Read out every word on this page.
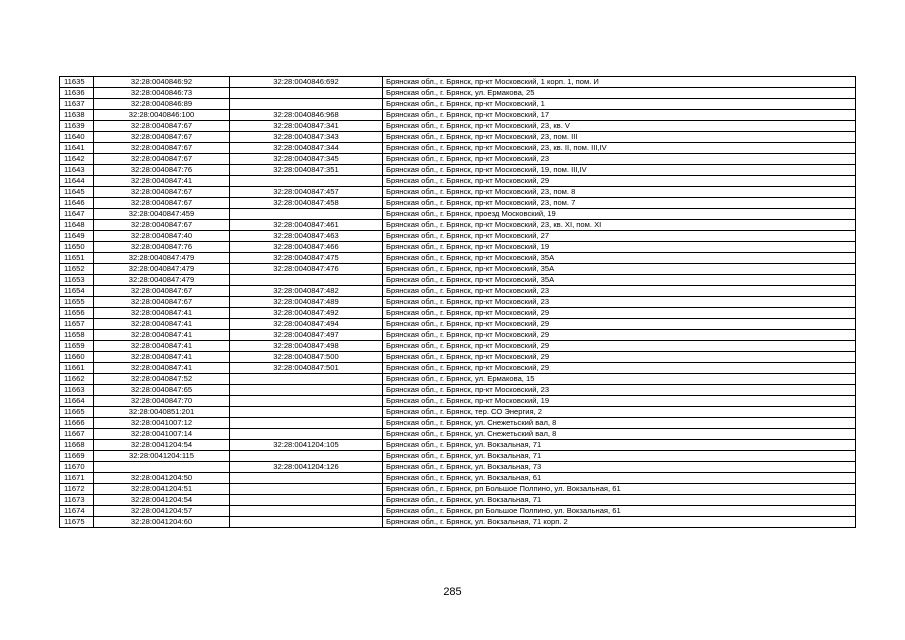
11635	32:28:0040846:92	32:28:0040846:692	Брянская обл., г. Брянск, пр-кт Московский, 1 корп. 1, пом. И
11636	32:28:0040846:73		Брянская обл., г. Брянск, ул. Ермакова, 25
11637	32:28:0040846:89		Брянская обл., г. Брянск, пр-кт Московский, 1
11638	32:28:0040846:100	32:28:0040846:968	Брянская обл., г. Брянск, пр-кт Московский, 17
11639	32:28:0040847:67	32:28:0040847:341	Брянская обл., г. Брянск, пр-кт Московский, 23, кв. V
11640	32:28:0040847:67	32:28:0040847:343	Брянская обл., г. Брянск, пр-кт Московский, 23, пом. III
11641	32:28:0040847:67	32:28:0040847:344	Брянская обл., г. Брянск, пр-кт Московский, 23, кв. II, пом. III,IV
11642	32:28:0040847:67	32:28:0040847:345	Брянская обл., г. Брянск, пр-кт Московский, 23
11643	32:28:0040847:76	32:28:0040847:351	Брянская обл., г. Брянск, пр-кт Московский, 19, пом. III,IV
11644	32:28:0040847:41		Брянская обл., г. Брянск, пр-кт Московский, 29
11645	32:28:0040847:67	32:28:0040847:457	Брянская обл., г. Брянск, пр-кт Московский, 23, пом. 8
11646	32:28:0040847:67	32:28:0040847:458	Брянская обл., г. Брянск, пр-кт Московский, 23, пом. 7
11647	32:28:0040847:459		Брянская обл., г. Брянск, проезд Московский, 19
11648	32:28:0040847:67	32:28:0040847:461	Брянская обл., г. Брянск, пр-кт Московский, 23, кв. XI, пом. XI
11649	32:28:0040847:40	32:28:0040847:463	Брянская обл., г. Брянск, пр-кт Московский, 27
11650	32:28:0040847:76	32:28:0040847:466	Брянская обл., г. Брянск, пр-кт Московский, 19
11651	32:28:0040847:479	32:28:0040847:475	Брянская обл., г. Брянск, пр-кт Московский, 35А
11652	32:28:0040847:479	32:28:0040847:476	Брянская обл., г. Брянск, пр-кт Московский, 35А
11653	32:28:0040847:479		Брянская обл., г. Брянск, пр-кт Московский, 35А
11654	32:28:0040847:67	32:28:0040847:482	Брянская обл., г. Брянск, пр-кт Московский, 23
11655	32:28:0040847:67	32:28:0040847:489	Брянская обл., г. Брянск, пр-кт Московский, 23
11656	32:28:0040847:41	32:28:0040847:492	Брянская обл., г. Брянск, пр-кт Московский, 29
11657	32:28:0040847:41	32:28:0040847:494	Брянская обл., г. Брянск, пр-кт Московский, 29
11658	32:28:0040847:41	32:28:0040847:497	Брянская обл., г. Брянск, пр-кт Московский, 29
11659	32:28:0040847:41	32:28:0040847:498	Брянская обл., г. Брянск, пр-кт Московский, 29
11660	32:28:0040847:41	32:28:0040847:500	Брянская обл., г. Брянск, пр-кт Московский, 29
11661	32:28:0040847:41	32:28:0040847:501	Брянская обл., г. Брянск, пр-кт Московский, 29
11662	32:28:0040847:52		Брянская обл., г. Брянск, ул. Ермакова, 15
11663	32:28:0040847:65		Брянская обл., г. Брянск, пр-кт Московский, 23
11664	32:28:0040847:70		Брянская обл., г. Брянск, пр-кт Московский, 19
11665	32:28:0040851:201		Брянская обл., г. Брянск, тер. СО Энергия, 2
11666	32:28:0041007:12		Брянская обл., г. Брянск, ул. Снежетьский вал, 8
11667	32:28:0041007:14		Брянская обл., г. Брянск, ул. Снежетьский вал, 8
11668	32:28:0041204:54	32:28:0041204:105	Брянская обл., г. Брянск, ул. Вокзальная, 71
11669	32:28:0041204:115		Брянская обл., г. Брянск, ул. Вокзальная, 71
11670		32:28:0041204:126	Брянская обл., г. Брянск, ул. Вокзальная, 73
11671	32:28:0041204:50		Брянская обл., г. Брянск, ул. Вокзальная, 61
11672	32:28:0041204:51		Брянская обл., г. Брянск, рп Большое Полпино, ул. Вокзальная, 61
11673	32:28:0041204:54		Брянская обл., г. Брянск, ул. Вокзальная, 71
11674	32:28:0041204:57		Брянская обл., г. Брянск, рп Большое Полпино, ул. Вокзальная, 61
11675	32:28:0041204:60		Брянская обл., г. Брянск, ул. Вокзальная, 71 корп. 2
285
